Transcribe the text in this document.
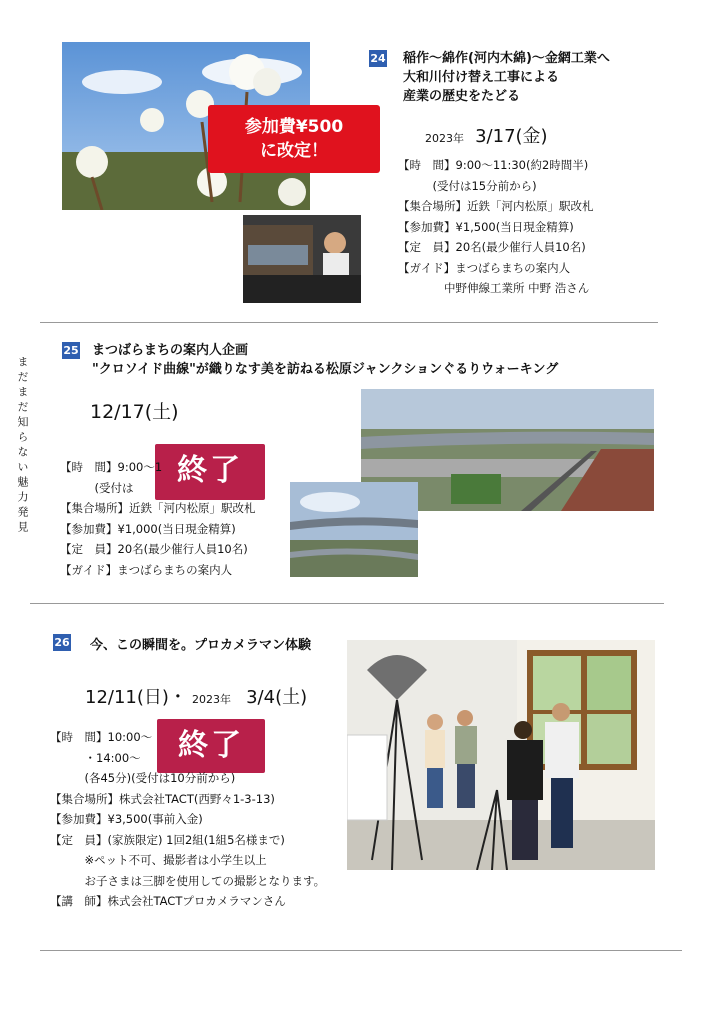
まだまだ知らない魅力発見
参加費¥500
に改定！
24 稲作～綿作(河内木綿)～金網工業へ
大和川付け替え工事による
産業の歴史をたどる
2023年 3/17(金)
【時　間】9:00～11:30(約2時間半)
　　　(受付は15分前から)
【集合場所】近鉄「河内松原」駅改札
【参加費】¥1,500(当日現金精算)
【定　員】20名(最少催行人員10名)
【ガイド】まつばらまちの案内人
　　　　中野伸線工業所 中野 浩さん
25 まつばらまちの案内人企画
"クロソイド曲線"が織りなす美を訪ねる松原ジャンクションぐるりウォーキング
12/17(土)
終了
【時　間】9:00～1
　　　(受付は
【集合場所】近鉄「河内松原」駅改札
【参加費】¥1,000(当日現金精算)
【定　員】20名(最少催行人員10名)
【ガイド】まつばらまちの案内人
26 今、この瞬間を。プロカメラマン体験
12/11(日)・ 2023年 3/4(土)
終了
【時　間】10:00～
　　　・14:00～
　　　(各45分)(受付は10分前から)
【集合場所】株式会社TACT(西野々1-3-13)
【参加費】¥3,500(事前入金)
【定　員】(家族限定) 1回2組(1組5名様まで)
　　　※ペット不可、撮影者は小学生以上
　　　お子さまは三脚を使用しての撮影となります。
【講　師】株式会社TACTプロカメラマンさん
